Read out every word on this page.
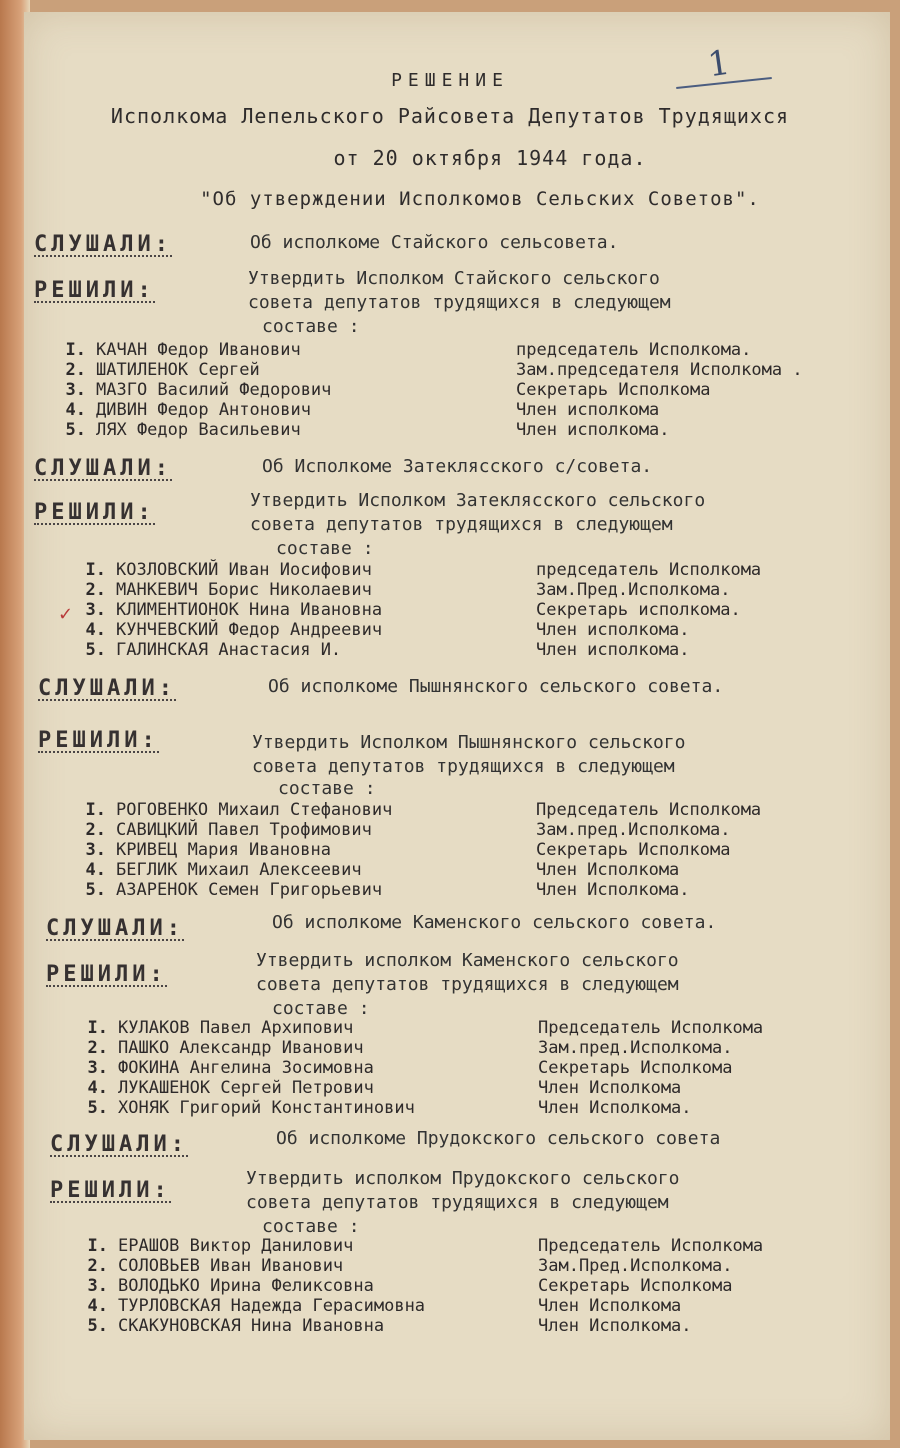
1
РЕШЕНИЕ
Исполкома Лепельского Райсовета Депутатов Трудящихся
от 20 октября 1944 года.
"Об утверждении Исполкомов Сельских Советов".
СЛУШАЛИ:	Об исполкоме Стайского сельсовета.
РЕШИЛИ:	Утвердить Исполком Стайского сельского
совета депутатов трудящихся в следующем
составе :
I. КАЧАН Федор Иванович	председатель Исполкома.
2. ШАТИЛЕНОК Сергей	Зам.председателя Исполкома .
3. МАЗГО Василий Федорович	Секретарь Исполкома
4. ДИВИН Федор Антонович	Член исполкома
5. ЛЯХ Федор Васильевич	Член исполкома.
СЛУШАЛИ:	Об Исполкоме Затеклясского с/совета.
РЕШИЛИ:	Утвердить Исполком Затеклясского сельского
совета депутатов трудящихся в следующем
составе :
I. КОЗЛОВСКИЙ Иван Иосифович	председатель Исполкома
2. МАНКЕВИЧ Борис Николаевич	Зам.Пред.Исполкома.
3. КЛИМЕНТИОНОК Нина Ивановна	Секретарь исполкома.
4. КУНЧЕВСКИЙ Федор Андреевич	Член исполкома.
5. ГАЛИНСКАЯ Анастасия И.	Член исполкома.
✓
СЛУШАЛИ:	Об исполкоме Пышнянского сельского совета.
РЕШИЛИ:	Утвердить Исполком Пышнянского сельского
совета депутатов трудящихся в следующем
составе :
I. РОГОВЕНКО Михаил Стефанович	Председатель Исполкома
2. САВИЦКИЙ Павел Трофимович	Зам.пред.Исполкома.
3. КРИВЕЦ Мария Ивановна	Секретарь Исполкома
4. БЕГЛИК Михаил Алексеевич	Член Исполкома
5. АЗАРЕНОК Семен Григорьевич	Член Исполкома.
СЛУШАЛИ:	Об исполкоме Каменского сельского совета.
РЕШИЛИ:
Утвердить исполком Каменского сельского
совета депутатов трудящихся в следующем
составе :
I. КУЛАКОВ Павел Архипович	Председатель Исполкома
2. ПАШКО Александр Иванович	Зам.пред.Исполкома.
3. ФОКИНА Ангелина Зосимовна	Секретарь Исполкома
4. ЛУКАШЕНОК Сергей Петрович	Член Исполкома
5. ХОНЯК Григорий Константинович	Член Исполкома.
СЛУШАЛИ:	Об исполкоме Прудокского сельского совета
РЕШИЛИ:	Утвердить исполком Прудокского сельского
совета депутатов трудящихся в следующем
составе :
I. ЕРАШОВ Виктор Данилович	Председатель Исполкома
2. СОЛОВЬЕВ Иван Иванович	Зам.Пред.Исполкома.
3. ВОЛОДЬКО Ирина Феликсовна	Секретарь Исполкома
4. ТУРЛОВСКАЯ Надежда Герасимовна	Член Исполкома
5. СКАКУНОВСКАЯ Нина Ивановна	Член Исполкома.
